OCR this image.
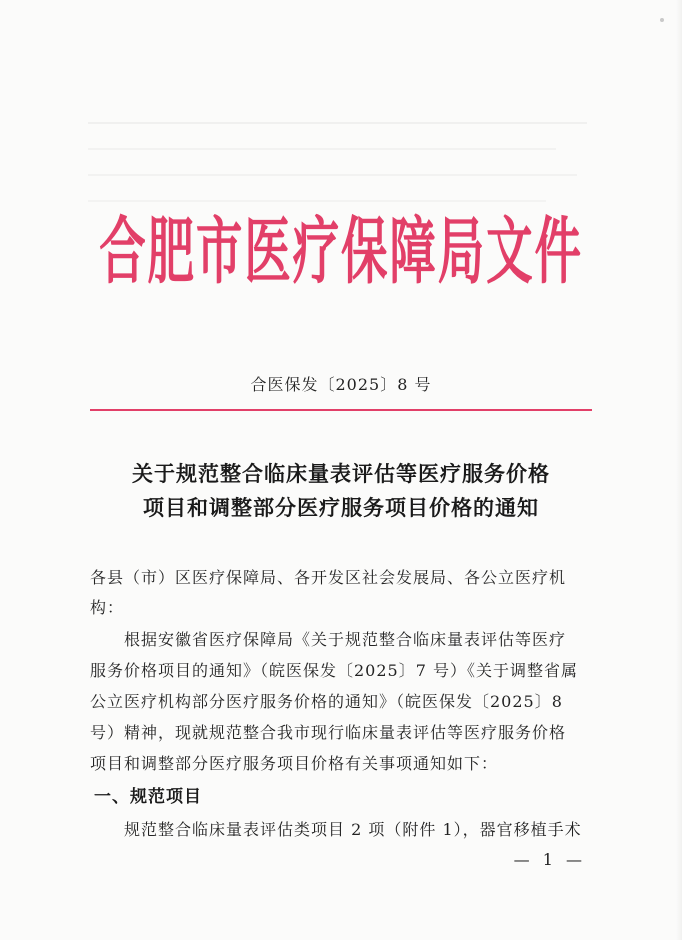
合肥市医疗保障局文件
合医保发〔2025〕8 号
关于规范整合临床量表评估等医疗服务价格
项目和调整部分医疗服务项目价格的通知
各县（市）区医疗保障局、各开发区社会发展局、各公立医疗机
构：
　　根据安徽省医疗保障局《关于规范整合临床量表评估等医疗
服务价格项目的通知》（皖医保发〔2025〕7 号）《关于调整省属
公立医疗机构部分医疗服务价格的通知》（皖医保发〔2025〕8
号）精神，现就规范整合我市现行临床量表评估等医疗服务价格
项目和调整部分医疗服务项目价格有关事项通知如下：
一、规范项目
　　规范整合临床量表评估类项目 2 项（附件 1），器官移植手术
— 1 —
